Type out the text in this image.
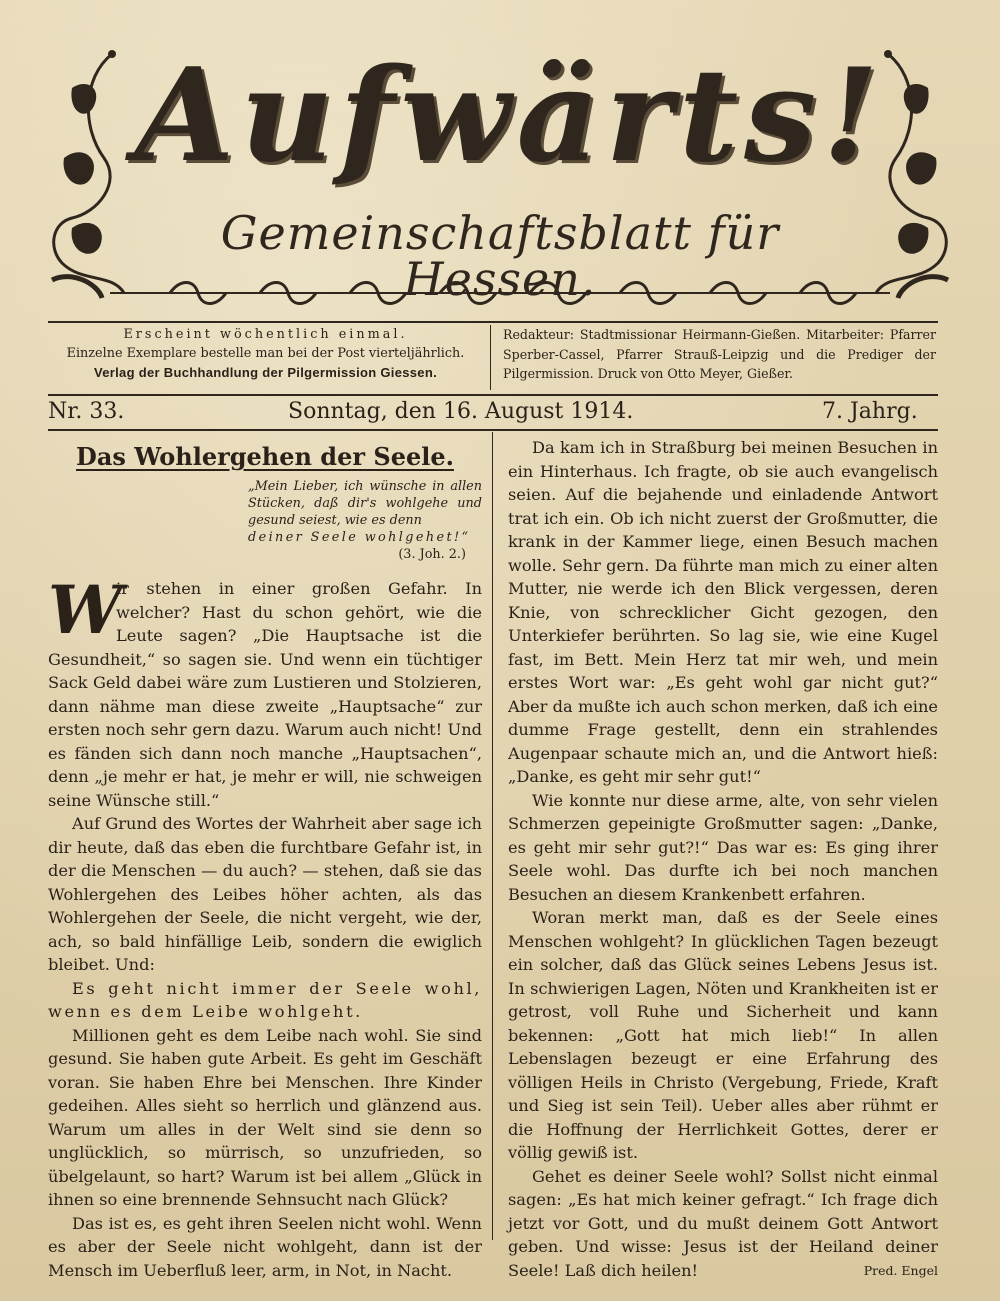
Aufwärts!
Gemeinschaftsblatt für Hessen.
Erscheint wöchentlich einmal.
Einzelne Exemplare bestelle man bei der Post vierteljährlich.
Verlag der Buchhandlung der Pilgermission Giessen.
Redakteur: Stadtmissionar Heirmann-Gießen. Mitarbeiter: Pfarrer Sperber-Cassel, Pfarrer Strauß-Leipzig und die Prediger der Pilgermission. Druck von Otto Meyer, Gießer.
Nr. 33.	Sonntag, den 16. August 1914.	7. Jahrg.
Das Wohlergehen der Seele.
„Mein Lieber, ich wünsche in allen Stücken, daß dir's wohlgehe und gesund seiest, wie es denn
deiner Seele wohlgehet!“
(3. Joh. 2.)

W
ir stehen in einer großen Gefahr. In welcher? Hast du schon gehört, wie die Leute sagen? „Die Hauptsache ist die Gesundheit,“ so sagen sie. Und wenn ein tüchtiger Sack Geld dabei wäre zum Lustieren und Stolzieren, dann nähme man diese zweite „Hauptsache“ zur ersten noch sehr gern dazu. Warum auch nicht! Und es fänden sich dann noch manche „Hauptsachen“, denn „je mehr er hat, je mehr er will, nie schweigen seine Wünsche still.“

Auf Grund des Wortes der Wahrheit aber sage ich dir heute, daß das eben die furchtbare Gefahr ist, in der die Menschen — du auch? — stehen, daß sie das Wohlergehen des Leibes höher achten, als das Wohlergehen der Seele, die nicht vergeht, wie der, ach, so bald hinfällige Leib, sondern die ewiglich bleibet. Und:

Es geht nicht immer der Seele wohl, wenn es dem Leibe wohlgeht.

Millionen geht es dem Leibe nach wohl. Sie sind gesund. Sie haben gute Arbeit. Es geht im Geschäft voran. Sie haben Ehre bei Menschen. Ihre Kinder gedeihen. Alles sieht so herrlich und glänzend aus. Warum um alles in der Welt sind sie denn so unglücklich, so mürrisch, so unzufrieden, so übelgelaunt, so hart? Warum ist bei allem „Glück in ihnen so eine brennende Sehnsucht nach Glück?

Das ist es, es geht ihren Seelen nicht wohl. Wenn es aber der Seele nicht wohlgeht, dann ist der Mensch im Ueberfluß leer, arm, in Not, in Nacht.

Da kam ich in Straßburg bei meinen Besuchen in ein Hinterhaus. Ich fragte, ob sie auch evangelisch seien. Auf die bejahende und einladende Antwort trat ich ein. Ob ich nicht zuerst der Großmutter, die krank in der Kammer liege, einen Besuch machen wolle. Sehr gern. Da führte man mich zu einer alten Mutter, nie werde ich den Blick vergessen, deren Knie, von schrecklicher Gicht gezogen, den Unterkiefer berührten. So lag sie, wie eine Kugel fast, im Bett. Mein Herz tat mir weh, und mein erstes Wort war: „Es geht wohl gar nicht gut?“ Aber da mußte ich auch schon merken, daß ich eine dumme Frage gestellt, denn ein strahlendes Augenpaar schaute mich an, und die Antwort hieß: „Danke, es geht mir sehr gut!“

Wie konnte nur diese arme, alte, von sehr vielen Schmerzen gepeinigte Großmutter sagen: „Danke, es geht mir sehr gut?!“ Das war es: Es ging ihrer Seele wohl. Das durfte ich bei noch manchen Besuchen an diesem Krankenbett erfahren.

Woran merkt man, daß es der Seele eines Menschen wohlgeht? In glücklichen Tagen bezeugt ein solcher, daß das Glück seines Lebens Jesus ist. In schwierigen Lagen, Nöten und Krankheiten ist er getrost, voll Ruhe und Sicherheit und kann bekennen: „Gott hat mich lieb!“ In allen Lebenslagen bezeugt er eine Erfahrung des völligen Heils in Christo (Vergebung, Friede, Kraft und Sieg ist sein Teil). Ueber alles aber rühmt er die Hoffnung der Herrlichkeit Gottes, derer er völlig gewiß ist.

Gehet es deiner Seele wohl? Sollst nicht einmal sagen: „Es hat mich keiner gefragt.“ Ich frage dich jetzt vor Gott, und du mußt deinem Gott Antwort geben. Und wisse: Jesus ist der Heiland deiner Seele! Laß dich heilen!	Pred. Engel
